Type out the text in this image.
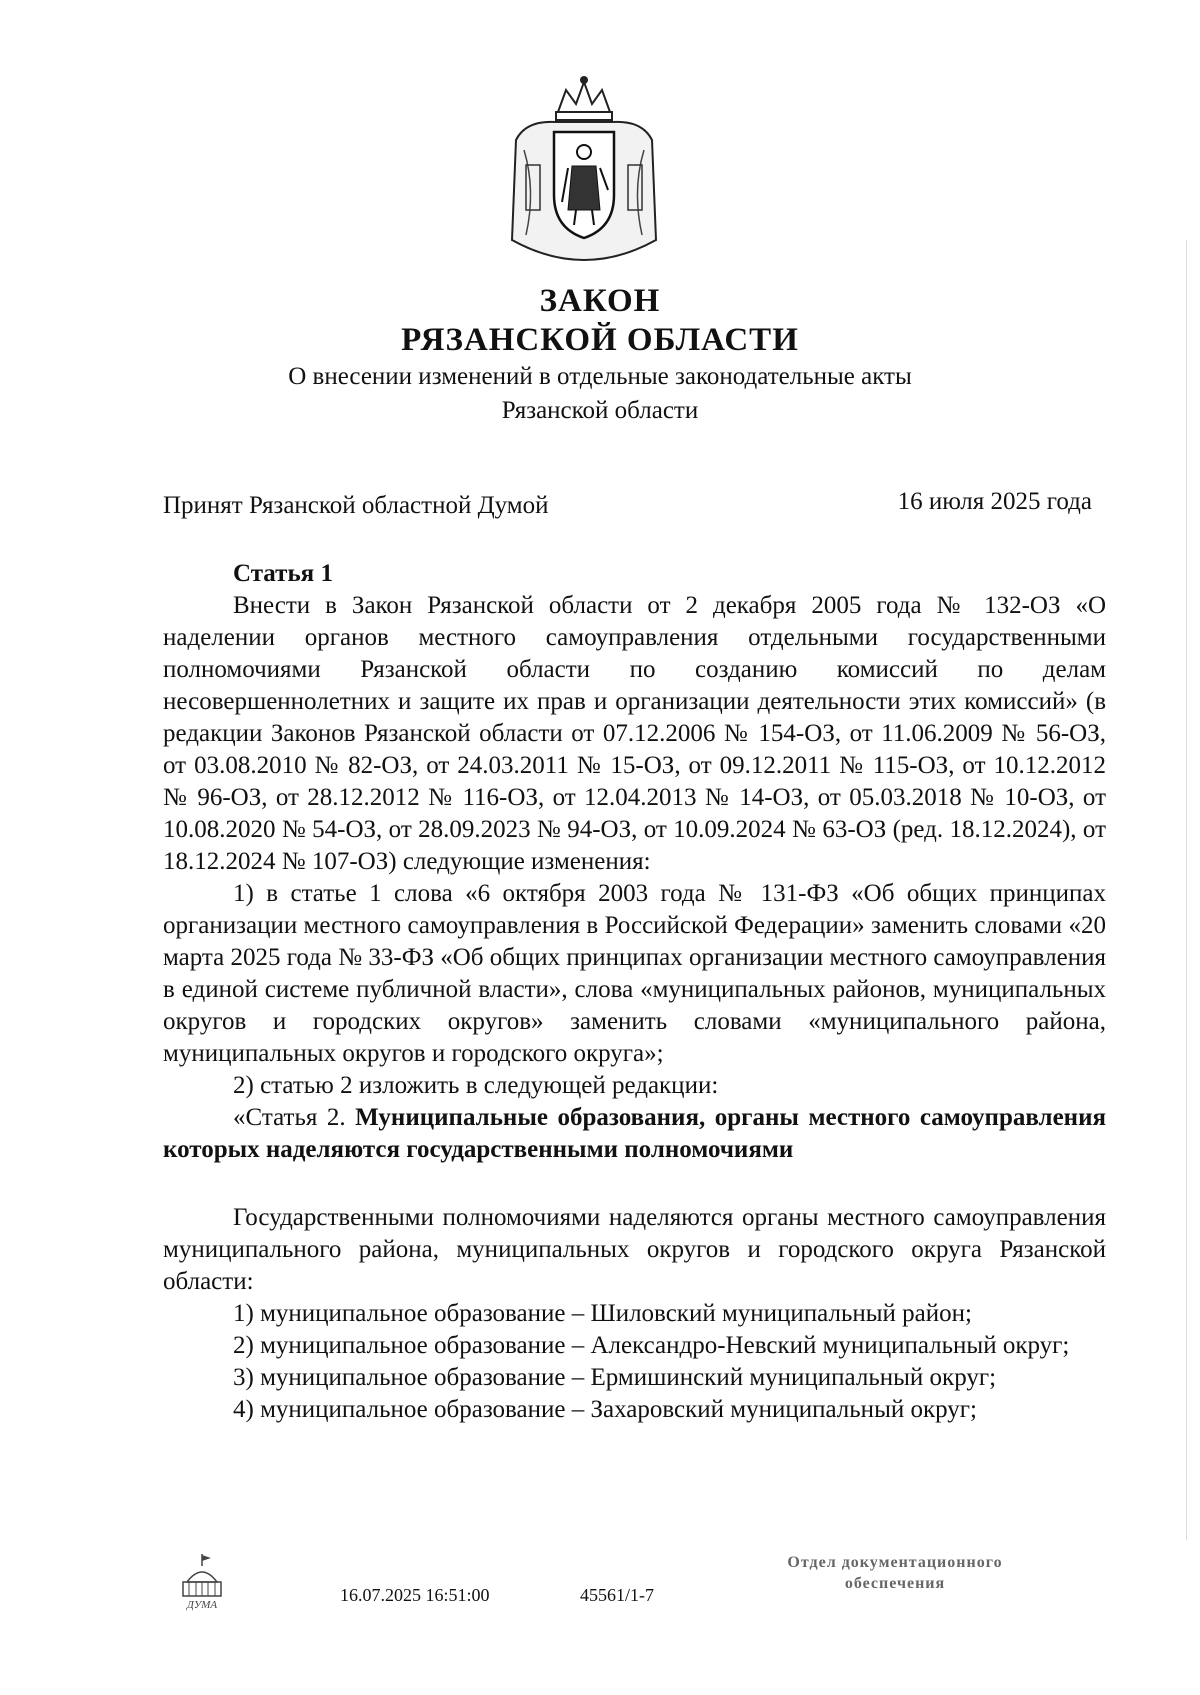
ЗАКОН
РЯЗАНСКОЙ ОБЛАСТИ
О внесении изменений в отдельные законодательные акты
Рязанской области
Принят Рязанской областной Думой	16 июля 2025 года

Статья 1

Внести в Закон Рязанской области от 2 декабря 2005 года № 132-ОЗ «О наделении органов местного самоуправления отдельными государственными полномочиями Рязанской области по созданию комиссий по делам несовершеннолетних и защите их прав и организации деятельности этих комиссий» (в редакции Законов Рязанской области от 07.12.2006 № 154-ОЗ, от 11.06.2009 № 56-ОЗ, от 03.08.2010 № 82-ОЗ, от 24.03.2011 № 15-ОЗ, от 09.12.2011 № 115-ОЗ, от 10.12.2012 № 96-ОЗ, от 28.12.2012 № 116-ОЗ, от 12.04.2013 № 14-ОЗ, от 05.03.2018 № 10-ОЗ, от 10.08.2020 № 54-ОЗ, от 28.09.2023 № 94-ОЗ, от 10.09.2024 № 63-ОЗ (ред. 18.12.2024), от 18.12.2024 № 107-ОЗ) следующие изменения:

1) в статье 1 слова «6 октября 2003 года № 131-ФЗ «Об общих принципах организации местного самоуправления в Российской Федерации» заменить словами «20 марта 2025 года № 33-ФЗ «Об общих принципах организации местного самоуправления в единой системе публичной власти», слова «муниципальных районов, муниципальных округов и городских округов» заменить словами «муниципального района, муниципальных округов и городского округа»;

2) статью 2 изложить в следующей редакции:

«Статья 2. Муниципальные образования, органы местного самоуправления которых наделяются государственными полномочиями

Государственными полномочиями наделяются органы местного самоуправления муниципального района, муниципальных округов и городского округа Рязанской области:

1) муниципальное образование – Шиловский муниципальный район;

2) муниципальное образование – Александро-Невский муниципальный округ;

3) муниципальное образование – Ермишинский муниципальный округ;

4) муниципальное образование – Захаровский муниципальный округ;

ДУМА	16.07.2025 16:51:00	45561/1-7
Отдел документационного
обеспечения
